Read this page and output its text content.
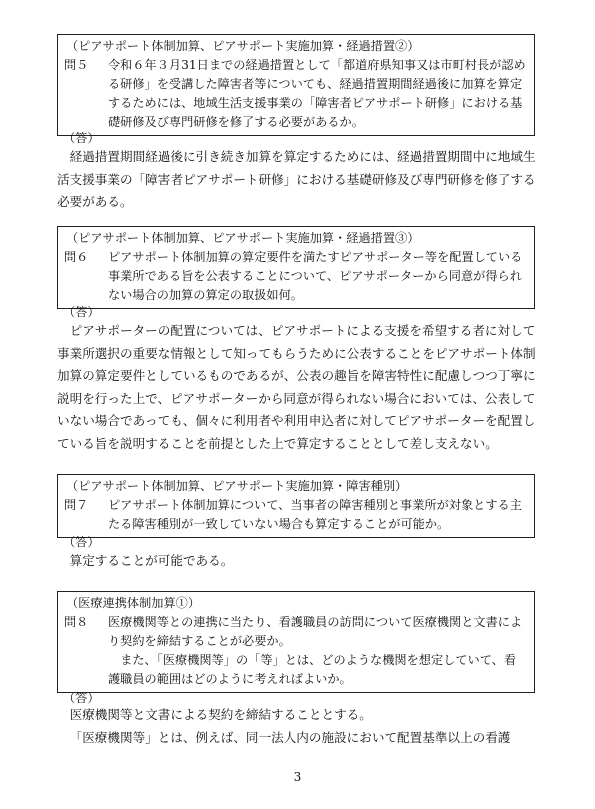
（ピアサポート体制加算、ピアサポート実施加算・経過措置②）
問５	令和６年３月31日までの経過措置として「都道府県知事又は市町村長が認める研修」を受講した障害者等についても、経過措置期間経過後に加算を算定するためには、地域生活支援事業の「障害者ピアサポート研修」における基礎研修及び専門研修を修了する必要があるか。
（答）

経過措置期間経過後に引き続き加算を算定するためには、経過措置期間中に地域生活支援事業の「障害者ピアサポート研修」における基礎研修及び専門研修を修了する必要がある。

（ピアサポート体制加算、ピアサポート実施加算・経過措置③）
問６	ピアサポート体制加算の算定要件を満たすピアサポーター等を配置している事業所である旨を公表することについて、ピアサポーターから同意が得られない場合の加算の算定の取扱如何。
（答）

ピアサポーターの配置については、ピアサポートによる支援を希望する者に対して事業所選択の重要な情報として知ってもらうために公表することをピアサポート体制加算の算定要件としているものであるが、公表の趣旨を障害特性に配慮しつつ丁寧に説明を行った上で、ピアサポーターから同意が得られない場合においては、公表していない場合であっても、個々に利用者や利用申込者に対してピアサポーターを配置している旨を説明することを前提とした上で算定することとして差し支えない。

（ピアサポート体制加算、ピアサポート実施加算・障害種別）
問７	ピアサポート体制加算について、当事者の障害種別と事業所が対象とする主たる障害種別が一致していない場合も算定することが可能か。
（答）

算定することが可能である。

（医療連携体制加算①）
問８	医療機関等との連携に当たり、看護職員の訪問について医療機関と文書により契約を締結することが必要か。
また、「医療機関等」の「等」とは、どのような機関を想定していて、看護職員の範囲はどのように考えればよいか。
（答）

医療機関等と文書による契約を締結することとする。

「医療機関等」とは、例えば、同一法人内の施設において配置基準以上の看護

3
